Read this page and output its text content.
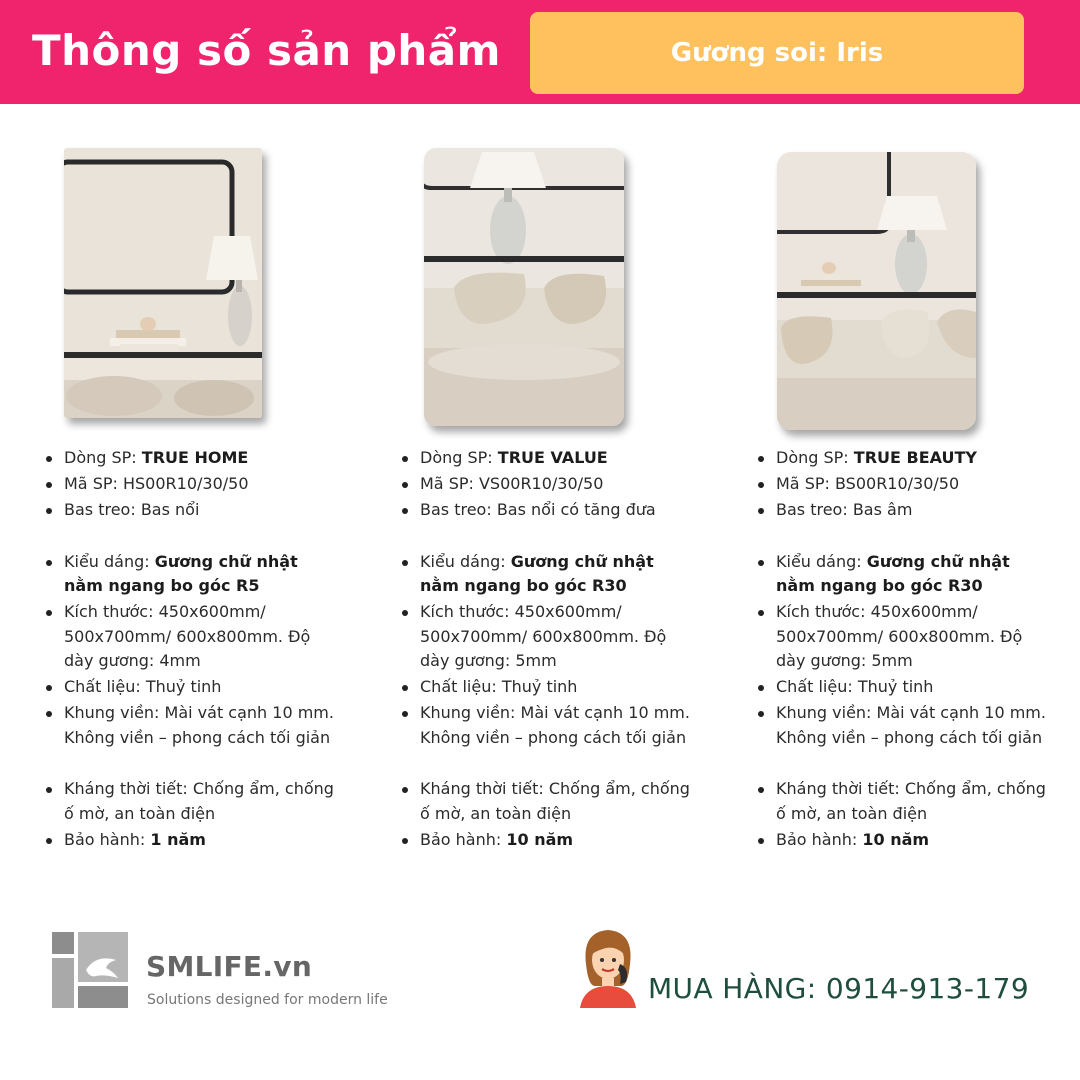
Thông số sản phẩm	Gương soi: Iris
Dòng SP: TRUE HOME
Mã SP: HS00R10/30/50
Bas treo: Bas nổi
Kiểu dáng: Gương chữ nhật nằm ngang bo góc R5
Kích thước: 450x600mm/ 500x700mm/ 600x800mm. Độ dày gương: 4mm
Chất liệu: Thuỷ tinh
Khung viền: Mài vát cạnh 10 mm. Không viền – phong cách tối giản
Kháng thời tiết: Chống ẩm, chống ố mờ, an toàn điện
Bảo hành: 1 năm
Dòng SP: TRUE VALUE
Mã SP: VS00R10/30/50
Bas treo: Bas nổi có tăng đưa
Kiểu dáng: Gương chữ nhật nằm ngang bo góc R30
Kích thước: 450x600mm/ 500x700mm/ 600x800mm. Độ dày gương: 5mm
Chất liệu: Thuỷ tinh
Khung viền: Mài vát cạnh 10 mm. Không viền – phong cách tối giản
Kháng thời tiết: Chống ẩm, chống ố mờ, an toàn điện
Bảo hành: 10 năm
Dòng SP: TRUE BEAUTY
Mã SP: BS00R10/30/50
Bas treo: Bas âm
Kiểu dáng: Gương chữ nhật nằm ngang bo góc R30
Kích thước: 450x600mm/ 500x700mm/ 600x800mm. Độ dày gương: 5mm
Chất liệu: Thuỷ tinh
Khung viền: Mài vát cạnh 10 mm. Không viền – phong cách tối giản
Kháng thời tiết: Chống ẩm, chống ố mờ, an toàn điện
Bảo hành: 10 năm
SMLIFE.vn
Solutions designed for modern life	MUA HÀNG: 0914-913-179
